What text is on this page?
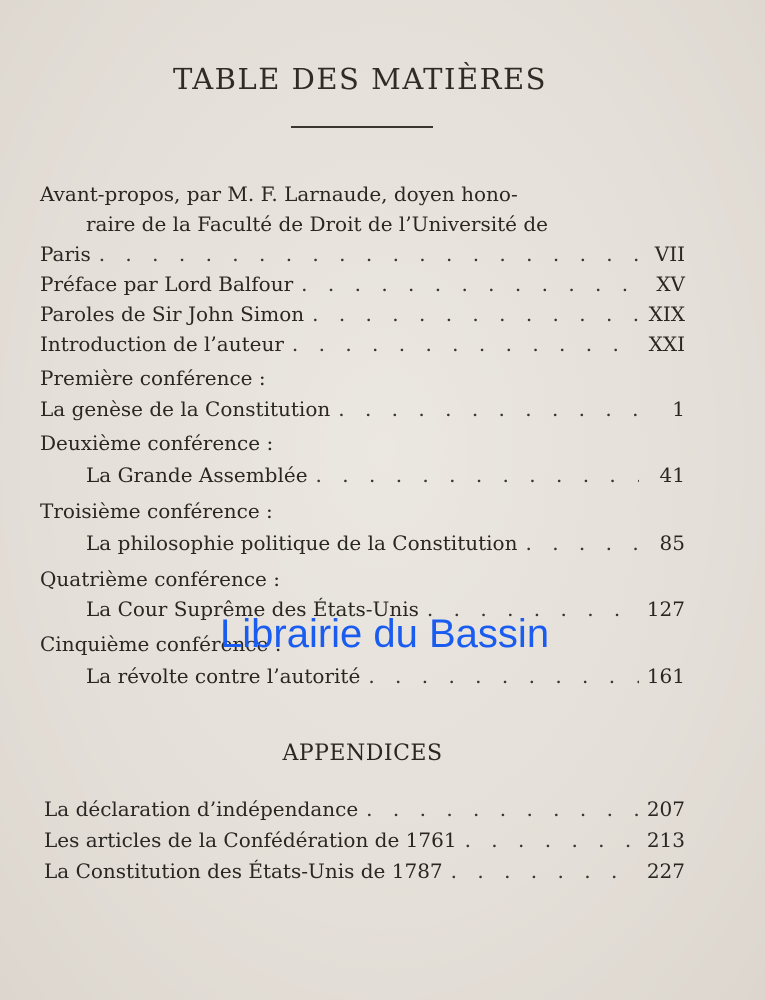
TABLE DES MATIÈRES
Avant-propos, par M. F. Larnaude, doyen hono-
raire de la Faculté de Droit de l’Université de
Paris . . .	VII
Préface par Lord Balfour . . .	XV
Paroles de Sir John Simon . . .	XIX
Introduction de l’auteur . . .	XXI
Première conférence :
La genèse de la Constitution . . .	1
Deuxième conférence :
La Grande Assemblée . . .	41
Troisième conférence :
La philosophie politique de la Constitution . . .	85
Quatrième conférence :
La Cour Suprême des États-Unis . . .	127
Cinquième conférence :
La révolte contre l’autorité . . .	161
APPENDICES
La déclaration d’indépendance . . .	207
Les articles de la Confédération de 1761 . . .	213
La Constitution des États-Unis de 1787 . . .	227
Librairie du Bassin
